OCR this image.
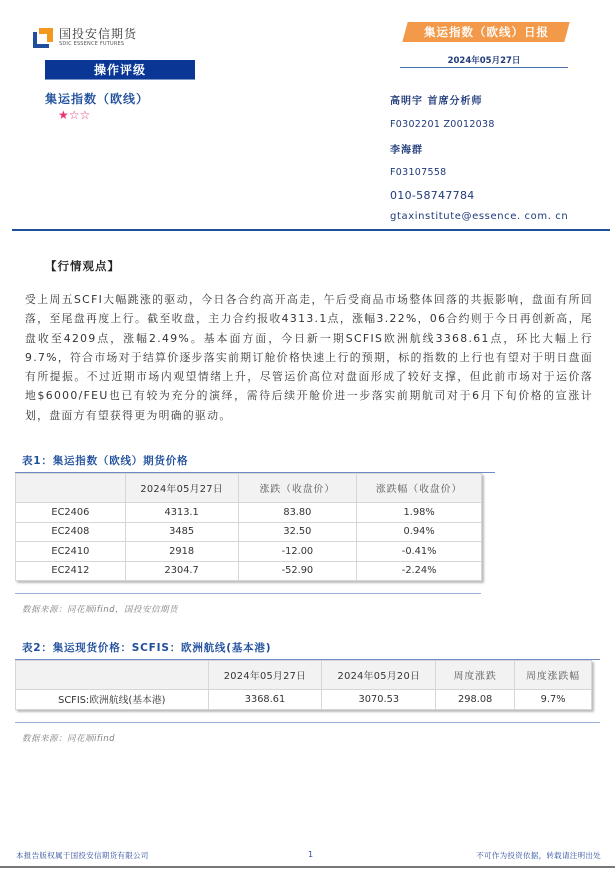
国投安信期货
SDIC ESSENCE FUTURES
操作评级
集运指数（欧线）
★☆☆
集运指数（欧线）日报
2024年05月27日
高明宇 首席分析师
F0302201 Z0012038
李海群
F03107558
010-58747784
gtaxinstitute@essence. com. cn
【行情观点】

受上周五SCFI大幅跳涨的驱动，今日各合约高开高走，午后受商品市场整体回落的共振影响，盘面有所回落，至尾盘再度上行。截至收盘，主力合约报收4313.1点，涨幅3.22%，06合约则于今日再创新高，尾盘收至4209点，涨幅2.49%。基本面方面，今日新一期SCFIS欧洲航线3368.61点，环比大幅上行9.7%，符合市场对于结算价逐步落实前期订舱价格快速上行的预期，标的指数的上行也有望对于明日盘面有所提振。不过近期市场内观望情绪上升，尽管运价高位对盘面形成了较好支撑，但此前市场对于运价落地$6000/FEU也已有较为充分的演绎，需待后续开舱价进一步落实前期航司对于6月下旬价格的宣涨计划，盘面方有望获得更为明确的驱动。

表1：集运指数（欧线）期货价格
	2024年05月27日	涨跌（收盘价）	涨跌幅（收盘价）
EC2406	4313.1	83.80	1.98%
EC2408	3485	32.50	0.94%
EC2410	2918	-12.00	-0.41%
EC2412	2304.7	-52.90	-2.24%
数据来源：同花顺ifind，国投安信期货
表2：集运现货价格：SCFIS：欧洲航线(基本港)
	2024年05月27日	2024年05月20日	周度涨跌	周度涨跌幅
SCFIS:欧洲航线(基本港)	3368.61	3070.53	298.08	9.7%
数据来源：同花顺ifind
本报告版权属于国投安信期货有限公司	1	不可作为投资依据，转载请注明出处
